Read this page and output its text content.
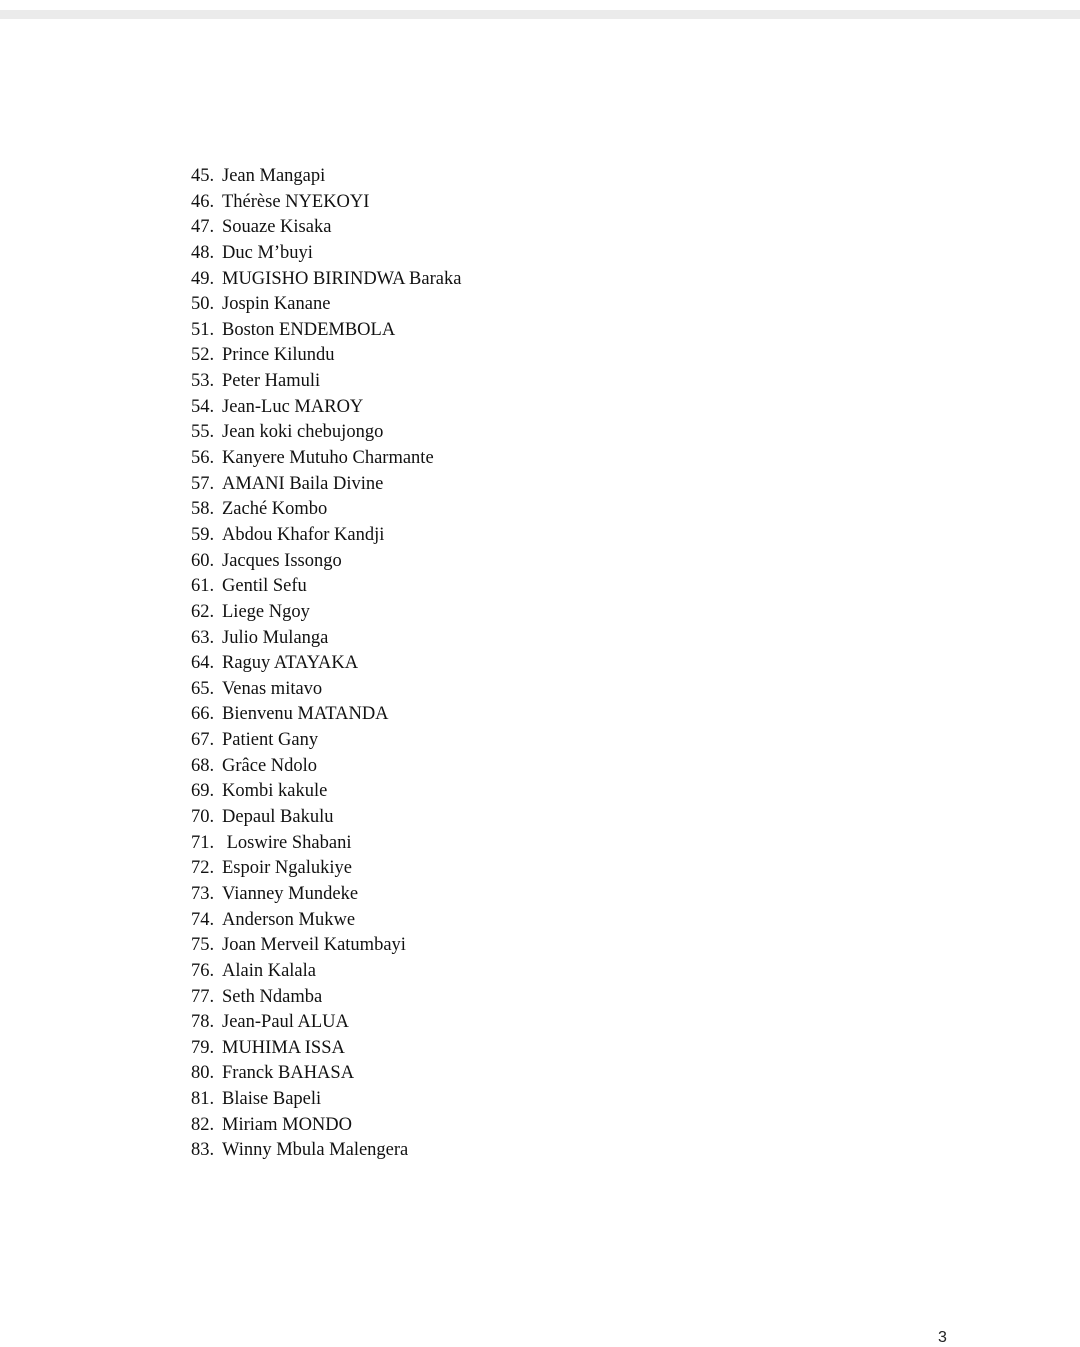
45. Jean Mangapi
46. Thérèse NYEKOYI
47. Souaze Kisaka
48. Duc M’buyi
49. MUGISHO BIRINDWA Baraka
50. Jospin Kanane
51. Boston ENDEMBOLA
52. Prince Kilundu
53. Peter Hamuli
54. Jean-Luc MAROY
55. Jean koki chebujongo
56. Kanyere Mutuho Charmante
57. AMANI Baila Divine
58. Zaché Kombo
59. Abdou Khafor Kandji
60. Jacques Issongo
61. Gentil Sefu
62. Liege Ngoy
63. Julio Mulanga
64. Raguy ATAYAKA
65. Venas mitavo
66. Bienvenu MATANDA
67. Patient Gany
68. Grâce Ndolo
69. Kombi kakule
70. Depaul Bakulu
71. Loswire Shabani
72. Espoir Ngalukiye
73. Vianney Mundeke
74. Anderson Mukwe
75. Joan Merveil Katumbayi
76. Alain Kalala
77. Seth Ndamba
78. Jean-Paul ALUA
79. MUHIMA ISSA
80. Franck BAHASA
81. Blaise Bapeli
82. Miriam MONDO
83. Winny Mbula Malengera
3
